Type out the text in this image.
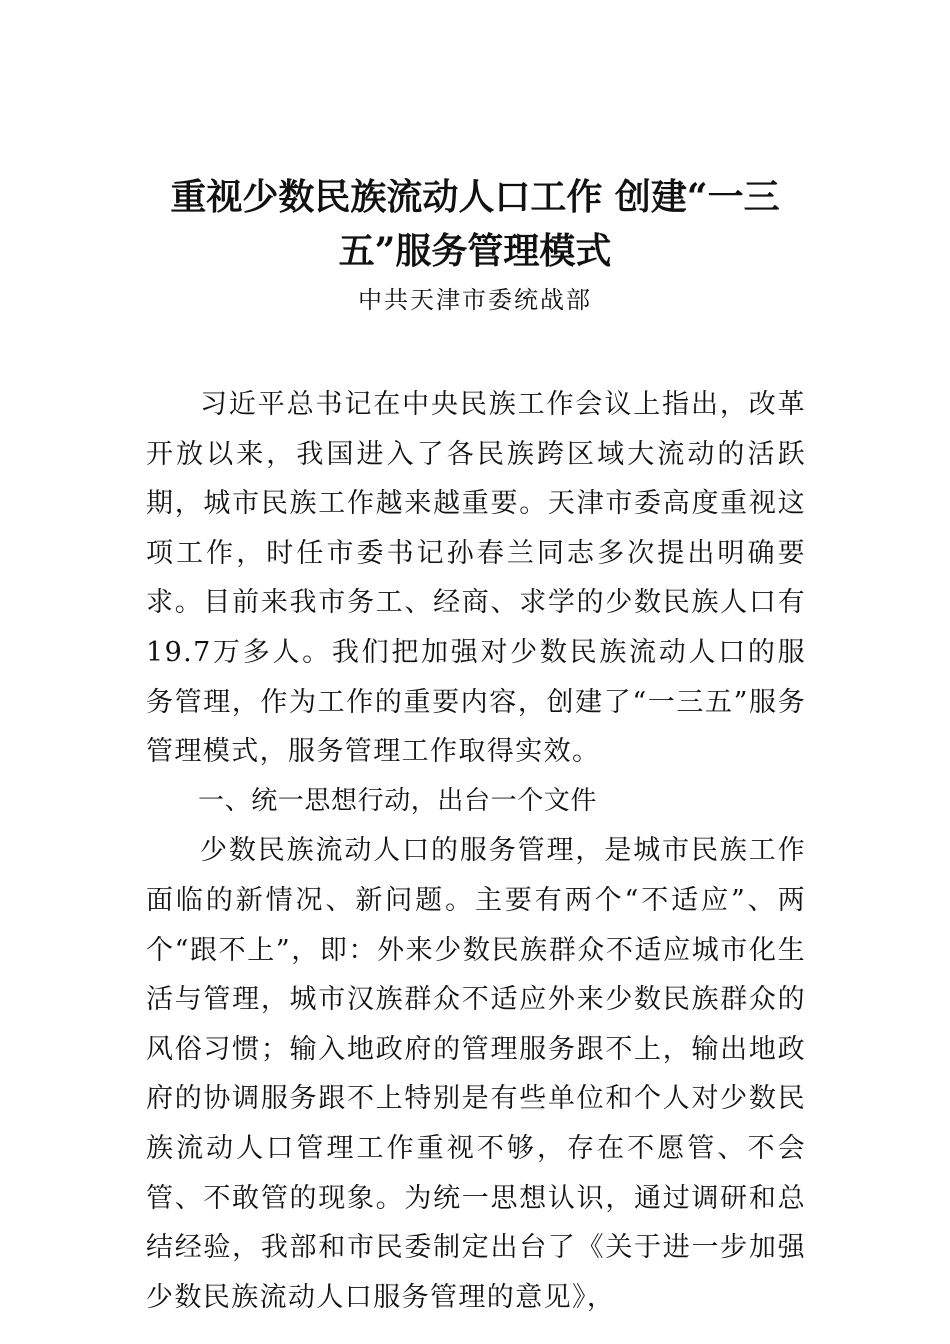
重视少数民族流动人口工作 创建“一三五”服务管理模式

中共天津市委统战部

习近平总书记在中央民族工作会议上指出，改革开放以来，我国进入了各民族跨区域大流动的活跃期，城市民族工作越来越重要。天津市委高度重视这项工作，时任市委书记孙春兰同志多次提出明确要求。目前来我市务工、经商、求学的少数民族人口有19.7万多人。我们把加强对少数民族流动人口的服务管理，作为工作的重要内容，创建了“一三五”服务管理模式，服务管理工作取得实效。

一、统一思想行动，出台一个文件

少数民族流动人口的服务管理，是城市民族工作面临的新情况、新问题。主要有两个“不适应”、两个“跟不上”，即：外来少数民族群众不适应城市化生活与管理，城市汉族群众不适应外来少数民族群众的风俗习惯；输入地政府的管理服务跟不上，输出地政府的协调服务跟不上特别是有些单位和个人对少数民族流动人口管理工作重视不够，存在不愿管、不会管、不敢管的现象。为统一思想认识，通过调研和总结经验，我部和市民委制定出台了《关于进一步加强少数民族流动人口服务管理的意见》，
